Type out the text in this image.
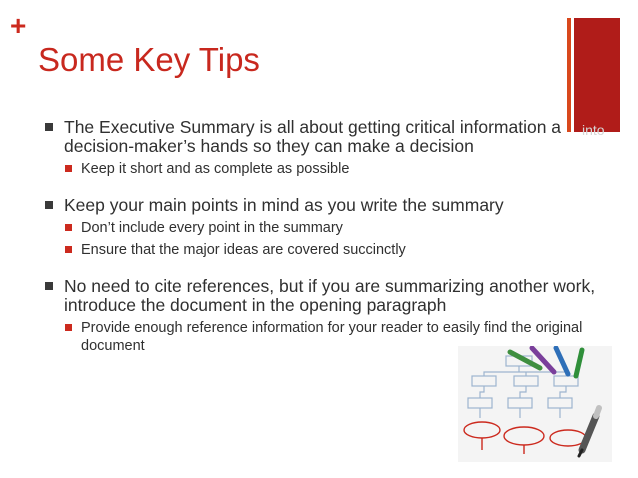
+
Some Key Tips
into
The Executive Summary is all about getting critical information a decision-maker’s hands so they can make a decision
Keep it short and as complete as possible
Keep your main points in mind as you write the summary
Don’t include every point in the summary
Ensure that the major ideas are covered succinctly
No need to cite references, but if you are summarizing another work, introduce the document in the opening paragraph
Provide enough reference information for your reader to easily find the original document
